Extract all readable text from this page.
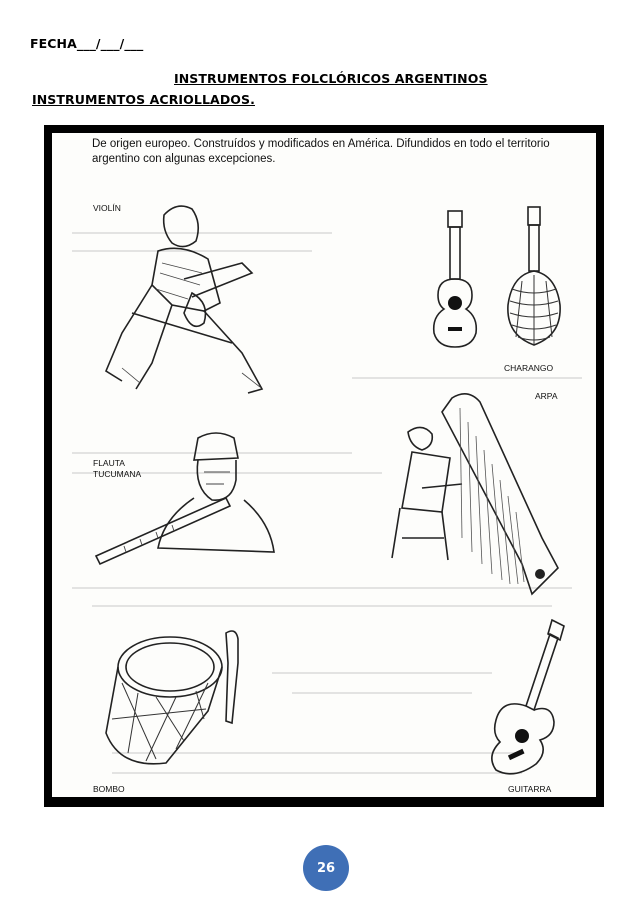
FECHA___/___/___
INSTRUMENTOS FOLCLÓRICOS ARGENTINOS
INSTRUMENTOS ACRIOLLADOS.
De origen europeo. Construídos y modificados en América. Difundidos en todo el territorio argentino con algunas excepciones.
VIOLÍN
CHARANGO
ARPA
FLAUTA
TUCUMANA
BOMBO	GUITARRA
26
